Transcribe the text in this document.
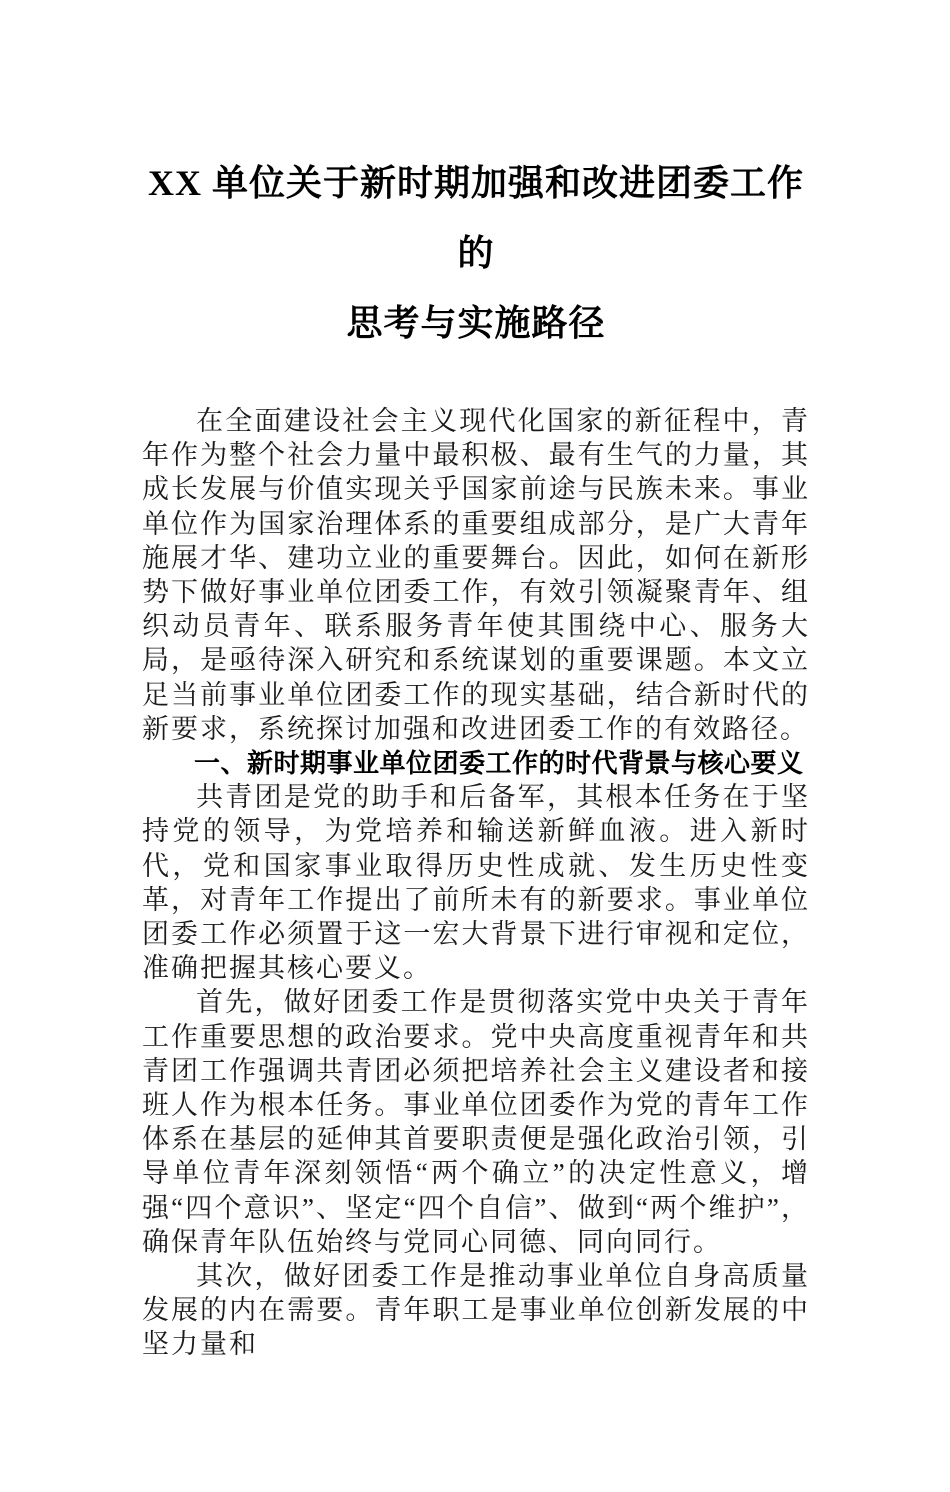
XX 单位关于新时期加强和改进团委工作的
思考与实施路径

在全面建设社会主义现代化国家的新征程中，青年作为整个社会力量中最积极、最有生气的力量，其成长发展与价值实现关乎国家前途与民族未来。事业单位作为国家治理体系的重要组成部分，是广大青年施展才华、建功立业的重要舞台。因此，如何在新形势下做好事业单位团委工作，有效引领凝聚青年、组织动员青年、联系服务青年使其围绕中心、服务大局，是亟待深入研究和系统谋划的重要课题。本文立足当前事业单位团委工作的现实基础，结合新时代的新要求，系统探讨加强和改进团委工作的有效路径。

一、新时期事业单位团委工作的时代背景与核心要义

共青团是党的助手和后备军，其根本任务在于坚持党的领导，为党培养和输送新鲜血液。进入新时代，党和国家事业取得历史性成就、发生历史性变革，对青年工作提出了前所未有的新要求。事业单位团委工作必须置于这一宏大背景下进行审视和定位，准确把握其核心要义。

首先，做好团委工作是贯彻落实党中央关于青年工作重要思想的政治要求。党中央高度重视青年和共青团工作强调共青团必须把培养社会主义建设者和接班人作为根本任务。事业单位团委作为党的青年工作体系在基层的延伸其首要职责便是强化政治引领，引导单位青年深刻领悟“两个确立”的决定性意义，增强“四个意识”、坚定“四个自信”、做到“两个维护”，确保青年队伍始终与党同心同德、同向同行。

其次，做好团委工作是推动事业单位自身高质量发展的内在需要。青年职工是事业单位创新发展的中坚力量和
